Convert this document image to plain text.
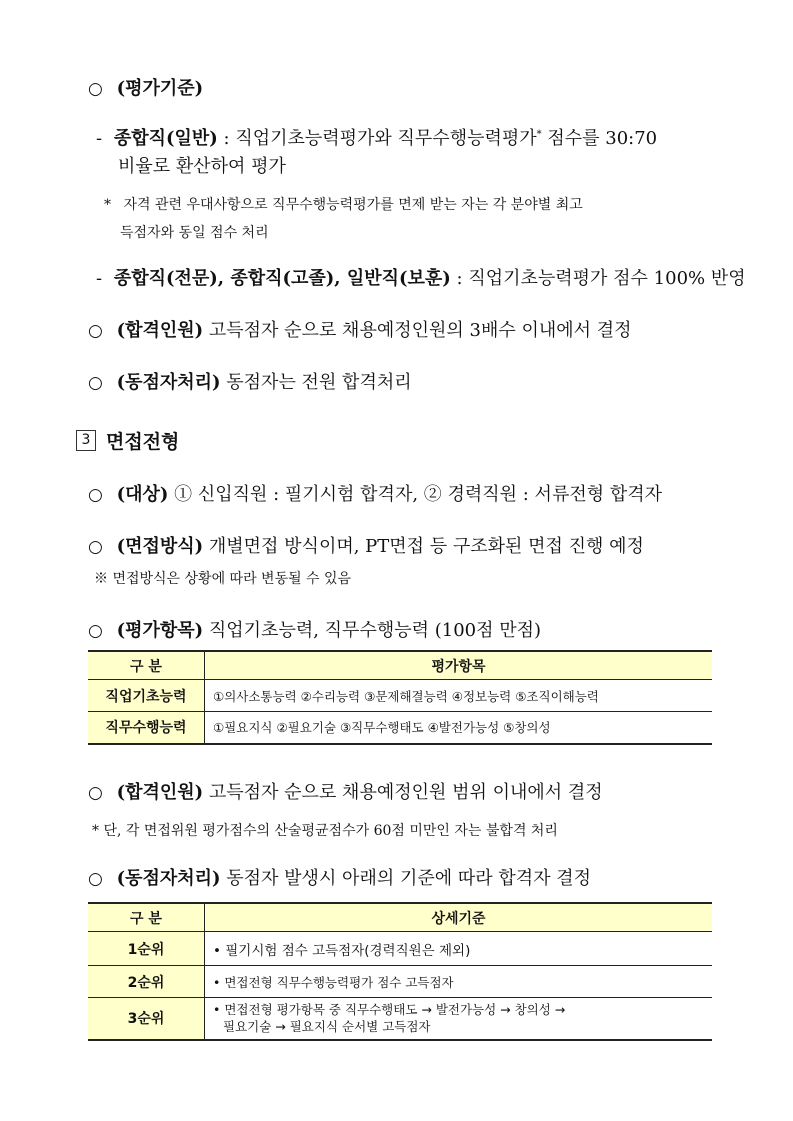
○ (평가기준)
- 종합직(일반) : 직업기초능력평가와 직무수행능력평가* 점수를 30:70
비율로 환산하여 평가
* 자격 관련 우대사항으로 직무수행능력평가를 면제 받는 자는 각 분야별 최고
득점자와 동일 점수 처리
- 종합직(전문), 종합직(고졸), 일반직(보훈) : 직업기초능력평가 점수 100% 반영
○ (합격인원) 고득점자 순으로 채용예정인원의 3배수 이내에서 결정
○ (동점자처리) 동점자는 전원 합격처리
3 면접전형
○ (대상) ① 신입직원 : 필기시험 합격자, ② 경력직원 : 서류전형 합격자
○ (면접방식) 개별면접 방식이며, PT면접 등 구조화된 면접 진행 예정
※ 면접방식은 상황에 따라 변동될 수 있음
○ (평가항목) 직업기초능력, 직무수행능력 (100점 만점)
구 분	평가항목
직업기초능력	①의사소통능력 ②수리능력 ③문제해결능력 ④정보능력 ⑤조직이해능력
직무수행능력	①필요지식 ②필요기술 ③직무수행태도 ④발전가능성 ⑤창의성
○ (합격인원) 고득점자 순으로 채용예정인원 범위 이내에서 결정
* 단, 각 면접위원 평가점수의 산술평균점수가 60점 미만인 자는 불합격 처리
○ (동점자처리) 동점자 발생시 아래의 기준에 따라 합격자 결정
구 분	상세기준
1순위	• 필기시험 점수 고득점자(경력직원은 제외)
2순위	• 면접전형 직무수행능력평가 점수 고득점자
3순위	• 면접전형 평가항목 중 직무수행태도 → 발전가능성 → 창의성 →
필요기술 → 필요지식 순서별 고득점자
